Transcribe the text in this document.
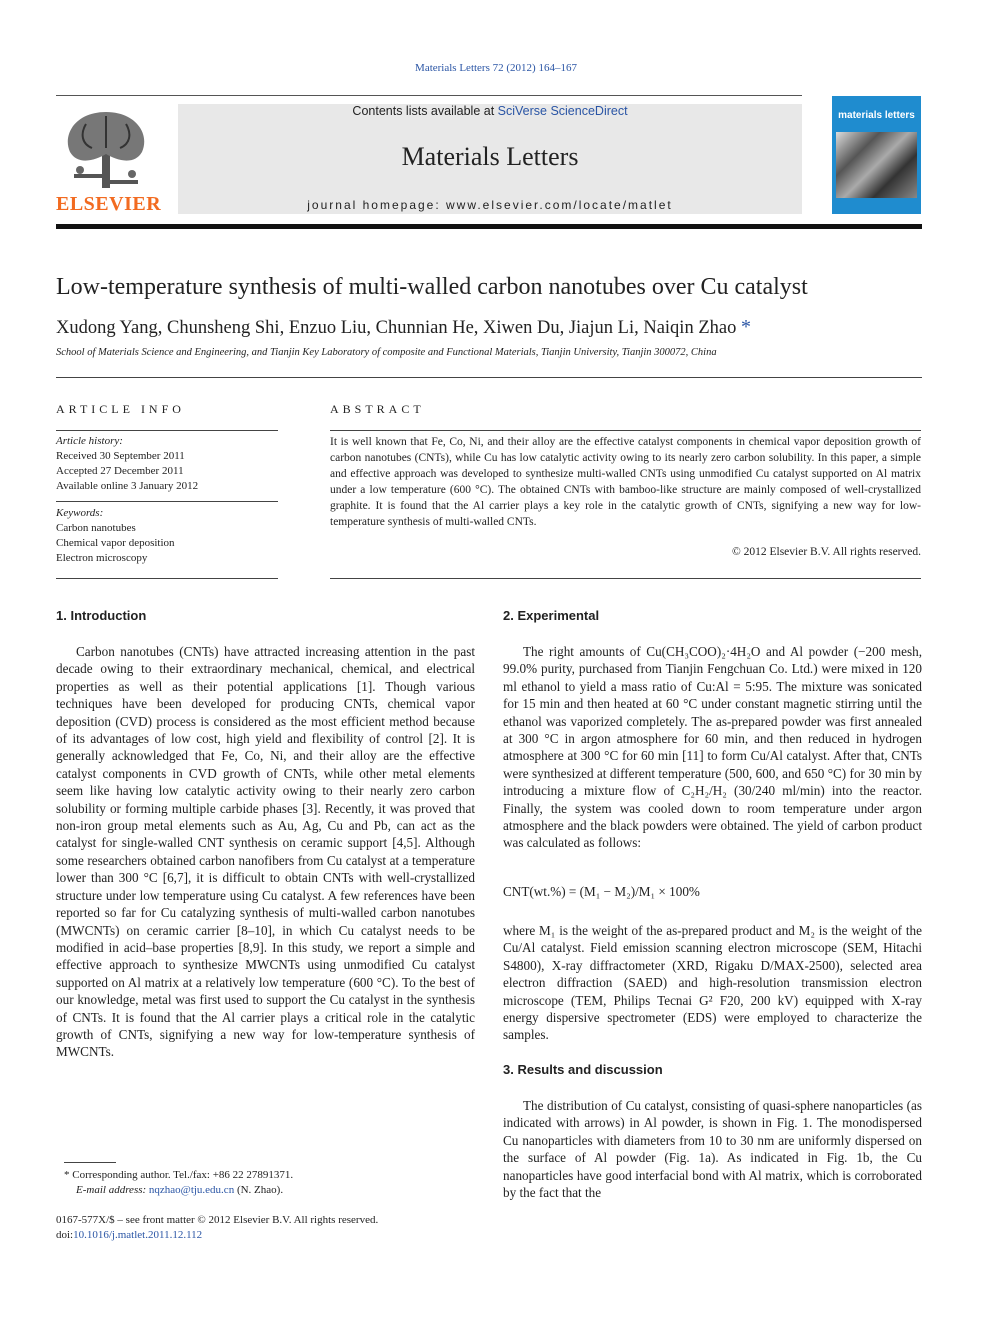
Materials Letters 72 (2012) 164–167
ELSEVIER
Contents lists available at SciVerse ScienceDirect
Materials Letters
journal homepage: www.elsevier.com/locate/matlet
materials letters
Low-temperature synthesis of multi-walled carbon nanotubes over Cu catalyst
Xudong Yang, Chunsheng Shi, Enzuo Liu, Chunnian He, Xiwen Du, Jiajun Li, Naiqin Zhao *
School of Materials Science and Engineering, and Tianjin Key Laboratory of composite and Functional Materials, Tianjin University, Tianjin 300072, China
ARTICLE INFO
Article history:
Received 30 September 2011
Accepted 27 December 2011
Available online 3 January 2012
Keywords:
Carbon nanotubes
Chemical vapor deposition
Electron microscopy
ABSTRACT
It is well known that Fe, Co, Ni, and their alloy are the effective catalyst components in chemical vapor deposition growth of carbon nanotubes (CNTs), while Cu has low catalytic activity owing to its nearly zero carbon solubility. In this paper, a simple and effective approach was developed to synthesize multi-walled CNTs using unmodified Cu catalyst supported on Al matrix under a low temperature (600 °C). The obtained CNTs with bamboo-like structure are mainly composed of well-crystallized graphite. It is found that the Al carrier plays a key role in the catalytic growth of CNTs, signifying a new way for low-temperature synthesis of multi-walled CNTs.
© 2012 Elsevier B.V. All rights reserved.
1. Introduction

Carbon nanotubes (CNTs) have attracted increasing attention in the past decade owing to their extraordinary mechanical, chemical, and electrical properties as well as their potential applications [1]. Though various techniques have been developed for producing CNTs, chemical vapor deposition (CVD) process is considered as the most efficient method because of its advantages of low cost, high yield and flexibility of control [2]. It is generally acknowledged that Fe, Co, Ni, and their alloy are the effective catalyst components in CVD growth of CNTs, while other metal elements seem like having low catalytic activity owing to their nearly zero carbon solubility or forming multiple carbide phases [3]. Recently, it was proved that non-iron group metal elements such as Au, Ag, Cu and Pb, can act as the catalyst for single-walled CNT synthesis on ceramic support [4,5]. Although some researchers obtained carbon nanofibers from Cu catalyst at a temperature lower than 300 °C [6,7], it is difficult to obtain CNTs with well-crystallized structure under low temperature using Cu catalyst. A few references have been reported so far for Cu catalyzing synthesis of multi-walled carbon nanotubes (MWCNTs) on ceramic carrier [8–10], in which Cu catalyst needs to be modified in acid–base properties [8,9]. In this study, we report a simple and effective approach to synthesize MWCNTs using unmodified Cu catalyst supported on Al matrix at a relatively low temperature (600 °C). To the best of our knowledge, metal was first used to support the Cu catalyst in the synthesis of CNTs. It is found that the Al carrier plays a critical role in the catalytic growth of CNTs, signifying a new way for low-temperature synthesis of MWCNTs.

* Corresponding author. Tel./fax: +86 22 27891371.
E-mail address: nqzhao@tju.edu.cn (N. Zhao).
0167-577X/$ – see front matter © 2012 Elsevier B.V. All rights reserved.
doi:10.1016/j.matlet.2011.12.112
2. Experimental

The right amounts of Cu(CH₃COO)₂·4H₂O and Al powder (−200 mesh, 99.0% purity, purchased from Tianjin Fengchuan Co. Ltd.) were mixed in 120 ml ethanol to yield a mass ratio of Cu:Al = 5:95. The mixture was sonicated for 15 min and then heated at 60 °C under constant magnetic stirring until the ethanol was vaporized completely. The as-prepared powder was first annealed at 300 °C in argon atmosphere for 60 min, and then reduced in hydrogen atmosphere at 300 °C for 60 min [11] to form Cu/Al catalyst. After that, CNTs were synthesized at different temperature (500, 600, and 650 °C) for 30 min by introducing a mixture flow of C₂H₂/H₂ (30/240 ml/min) into the reactor. Finally, the system was cooled down to room temperature under argon atmosphere and the black powders were obtained. The yield of carbon product was calculated as follows:

CNT(wt.%) = (M₁ − M₂)/M₁ × 100%

where M₁ is the weight of the as-prepared product and M₂ is the weight of the Cu/Al catalyst. Field emission scanning electron microscope (SEM, Hitachi S4800), X-ray diffractometer (XRD, Rigaku D/MAX-2500), selected area electron diffraction (SAED) and high-resolution transmission electron microscope (TEM, Philips Tecnai G² F20, 200 kV) equipped with X-ray energy dispersive spectrometer (EDS) were employed to characterize the samples.

3. Results and discussion

The distribution of Cu catalyst, consisting of quasi-sphere nanoparticles (as indicated with arrows) in Al powder, is shown in Fig. 1. The monodispersed Cu nanoparticles with diameters from 10 to 30 nm are uniformly dispersed on the surface of Al powder (Fig. 1a). As indicated in Fig. 1b, the Cu nanoparticles have good interfacial bond with Al matrix, which is corroborated by the fact that the
